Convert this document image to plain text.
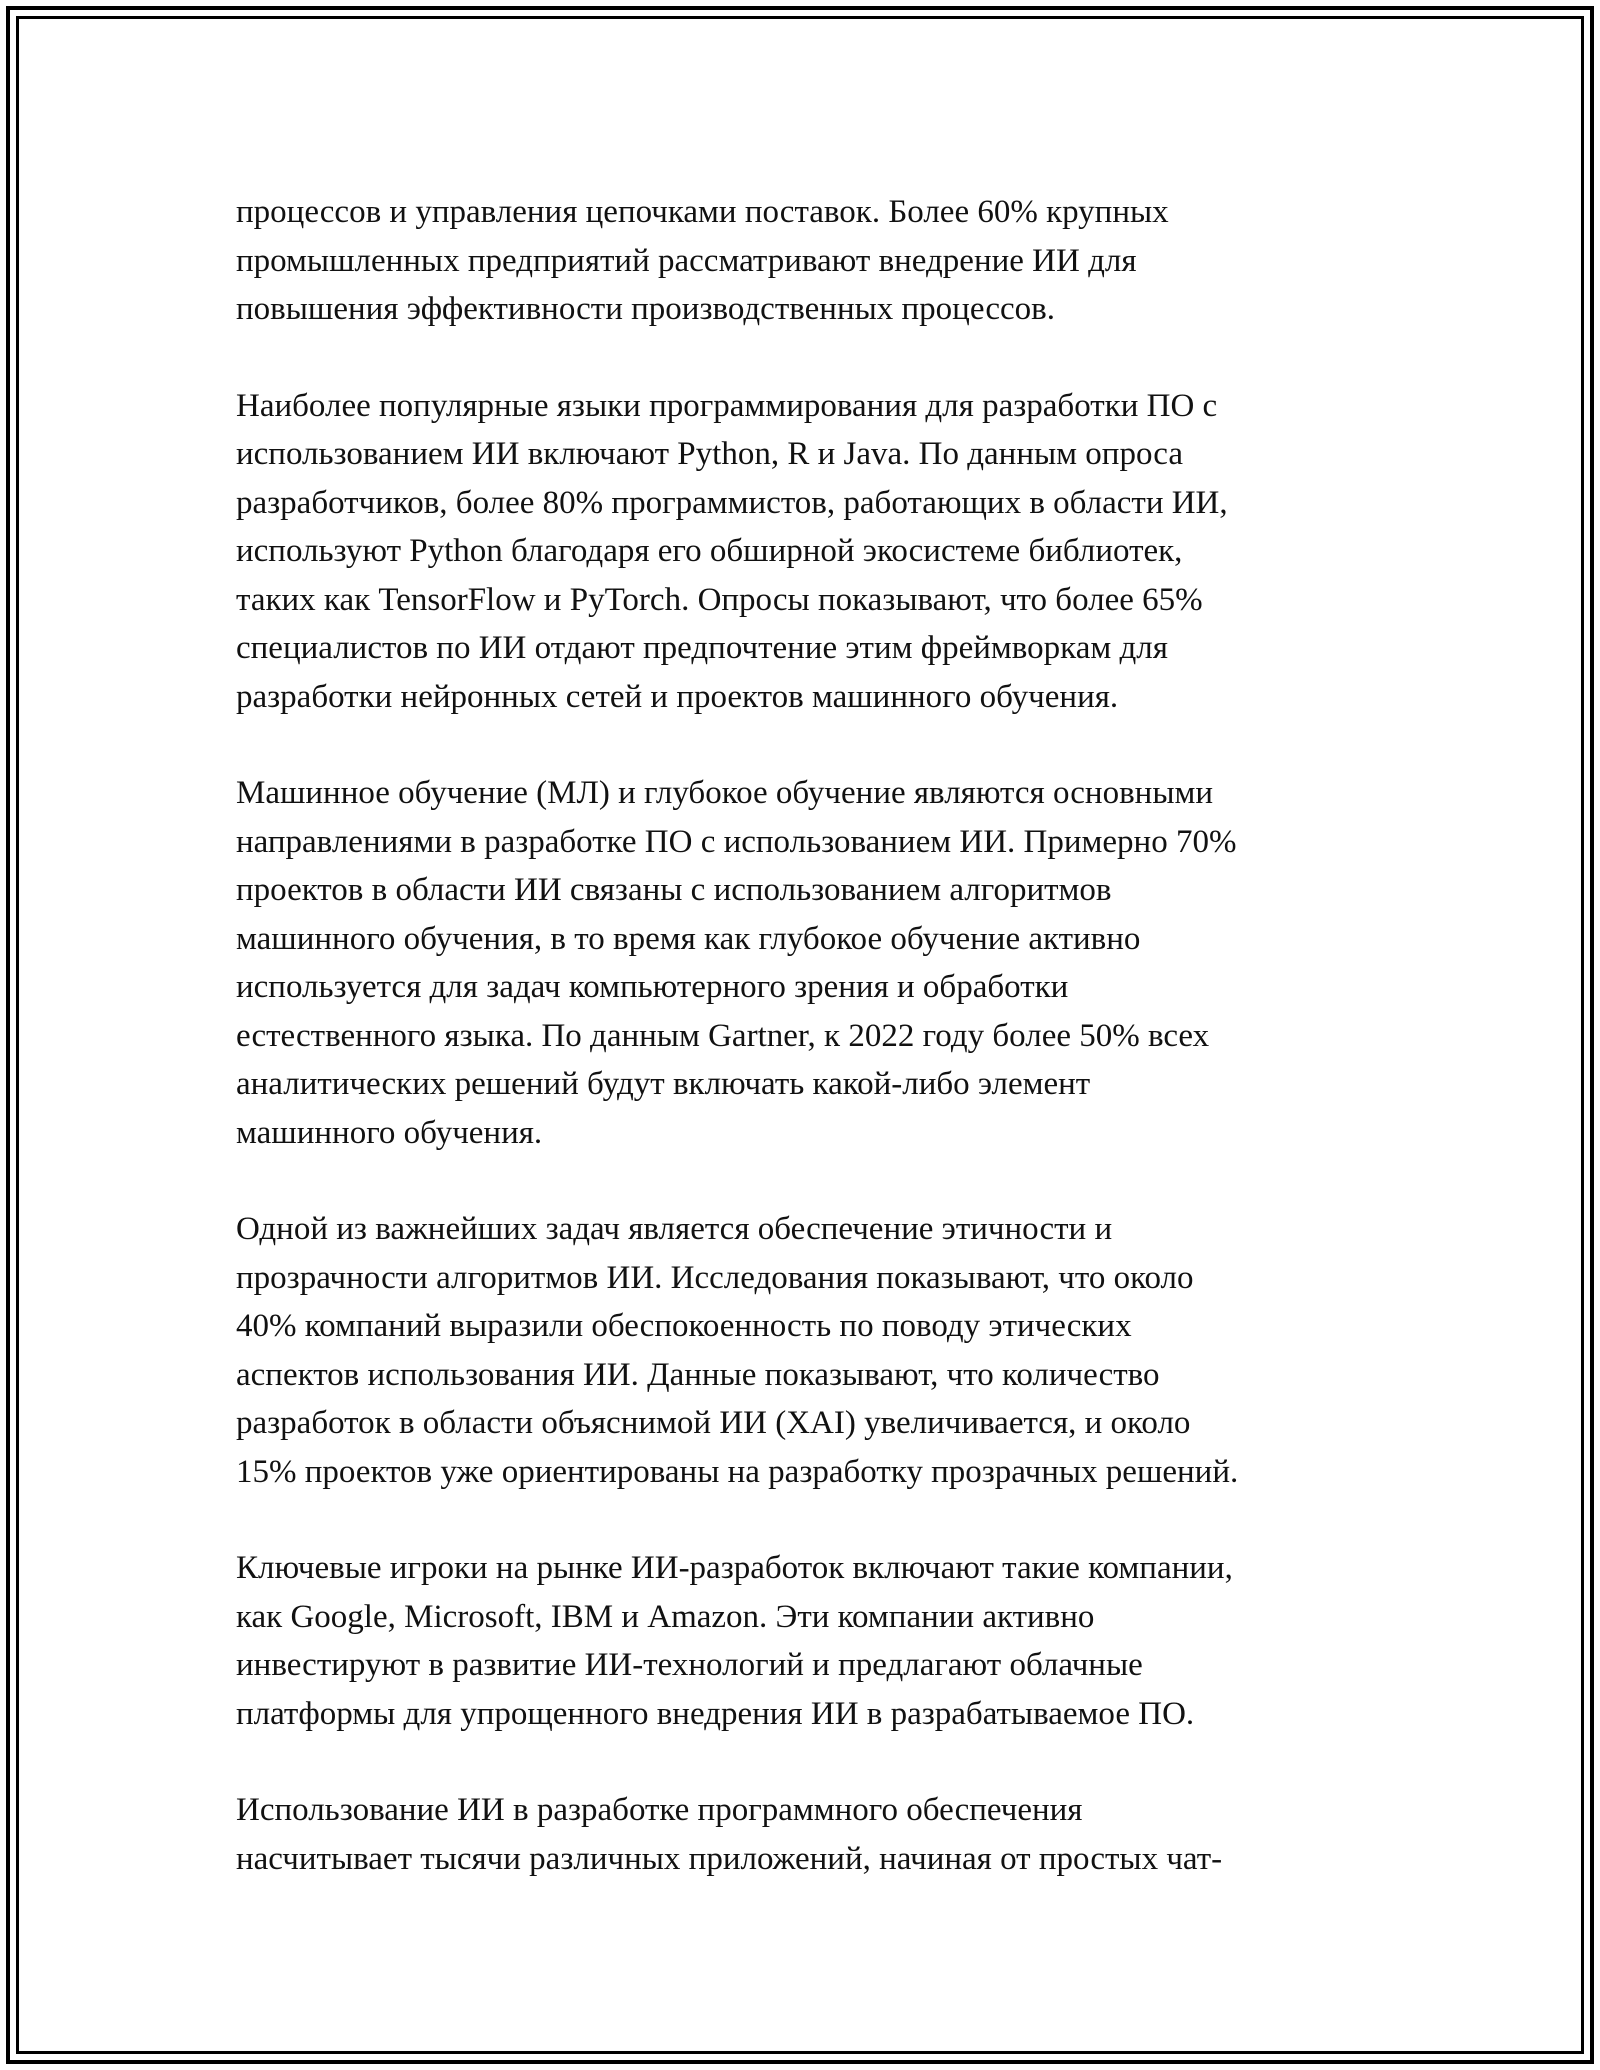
процессов и управления цепочками поставок. Более 60% крупных
промышленных предприятий рассматривают внедрение ИИ для
повышения эффективности производственных процессов.

Наиболее популярные языки программирования для разработки ПО с
использованием ИИ включают Python, R и Java. По данным опроса
разработчиков, более 80% программистов, работающих в области ИИ,
используют Python благодаря его обширной экосистеме библиотек,
таких как TensorFlow и PyTorch. Опросы показывают, что более 65%
специалистов по ИИ отдают предпочтение этим фреймворкам для
разработки нейронных сетей и проектов машинного обучения.

Машинное обучение (МЛ) и глубокое обучение являются основными
направлениями в разработке ПО с использованием ИИ. Примерно 70%
проектов в области ИИ связаны с использованием алгоритмов
машинного обучения, в то время как глубокое обучение активно
используется для задач компьютерного зрения и обработки
естественного языка. По данным Gartner, к 2022 году более 50% всех
аналитических решений будут включать какой-либо элемент
машинного обучения.

Одной из важнейших задач является обеспечение этичности и
прозрачности алгоритмов ИИ. Исследования показывают, что около
40% компаний выразили обеспокоенность по поводу этических
аспектов использования ИИ. Данные показывают, что количество
разработок в области объяснимой ИИ (XAI) увеличивается, и около
15% проектов уже ориентированы на разработку прозрачных решений.

Ключевые игроки на рынке ИИ-разработок включают такие компании,
как Google, Microsoft, IBM и Amazon. Эти компании активно
инвестируют в развитие ИИ-технологий и предлагают облачные
платформы для упрощенного внедрения ИИ в разрабатываемое ПО.

Использование ИИ в разработке программного обеспечения
насчитывает тысячи различных приложений, начиная от простых чат-
